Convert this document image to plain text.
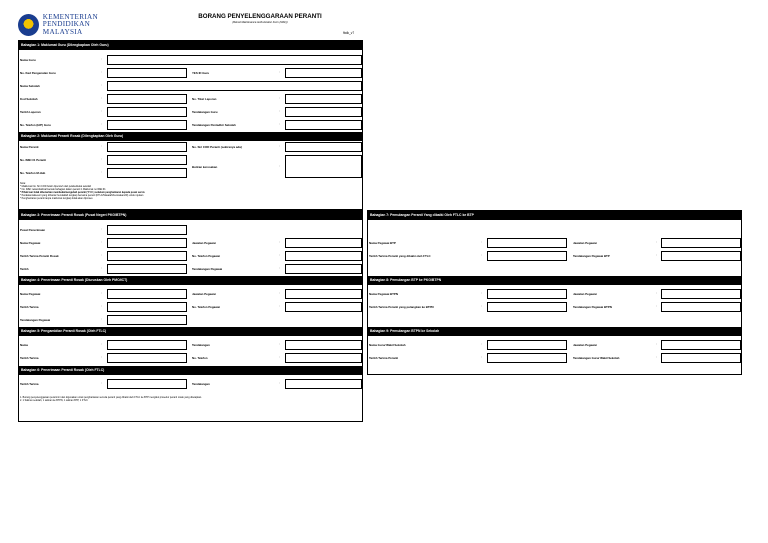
KEMENTERIAN
PENDIDIKAN
MALAYSIA
BORANG PENYELENGGARAAN PERANTI
(Rekod Maintenance Authorization Form (MAF))
fbdk_v7
Bahagian 1: Maklumat Guru (Dilengkapkan Oleh Guru)
Nama Guru	:
No. Kad Pengenalan Guru	:	YES ID Guru	:
Nama Sekolah	:
Kod Sekolah	:	No. Tiket Laporan	:
Tarikh Laporan	:	Tandatangan Guru	:
No. Telefon (H/P) Guru	:	Tandatangan Pentadbir Sekolah	:
Bahagian 2: Maklumat Peranti Rosak (Dilengkapkan Oleh Guru)
Nama Peranti	:	No. Siri COD Peranti (sekiranya ada)	:
No. IMEI #1 Peranti	:
Butiran kerosakan	:
No. Telefon M-Hub	:
Nota:
* Maklumat No. Siri COD boleh diperoleh dari pelabel/lekat sekolah
* No. IMEI: tekan/dail/cari/semak bahagian dalam peranti 1 Maklumat no IMEI #1
* Pihak luar tidak dibenarkan membuka/mengubah peranti (T.Y.C.) sebelum penghantaran kepada pusat servis
* Peralatan/aksesori yang dihantar hendaklah lengkap bersama peranti (FTLC/Masalah/Kerosakan/ID) untuk rujukan
* Penghantaran peranti tanpa maklumat lengkap tidak akan diproses
Bahagian 3: Penerimaan Peranti Rosak (Pusat Negeri PKG/BTPN)
Pusat Penerimaan	:
Nama Pegawai	:	Jawatan Pegawai	:
Tarikh Terima Peranti Rosak	:	No. Telefon Pegawai	:
Tarikh	:	Tandatangan Pegawai	:
Bahagian 4: Penerimaan Peranti Rosak (Diuruskan Oleh PMO/ICT)
Nama Pegawai	:	Jawatan Pegawai	:
Tarikh Terima	:	No. Telefon Pegawai	:
Tandatangan Pegawai	:
Bahagian 5: Pengambilan Peranti Rosak (Oleh FTLC)
Nama	:	Tandatangan	:
Tarikh Terima	:	No. Telefon	:
Bahagian 6: Penerimaan Peranti Rosak (Oleh FTLC)
Tarikh Terima	:	Tandatangan	:
1. Borang penyelenggaraan peranti ini dan digunakan untuk penghantaran semula peranti yang dibaiki oleh FTLC ke BTP mengikut prosedur peranti rosak yang ditetapkan.
2. 1 Salinan sekolah, 1 salinan ke BTPN, 1 salinan BTP, 1 FTLC
Bahagian 7: Pemulangan Peranti Yang dibaiki Oleh FTLC ke BTP
Nama Pegawai BTP	:	Jawatan Pegawai	:
Tarikh Terima Peranti yang dibaiki oleh FTLC	:	Tandatangan Pegawai BTP	:
Bahagian 8: Pemulangan BTP ke PKG/BTPN
Nama Pegawai BTPN	:	Jawatan Pegawai	:
Tarikh Terima Peranti yang pulangkan ke BTPN	:	Tandatangan Pegawai BTPN	:
Bahagian 9: Pemulangan BTPN ke Sekolah
Nama Guru/ Wakil Sekolah	:	Jawatan Pegawai	:
Tarikh Terima Peranti	:	Tandatangan Guru/ Wakil Sekolah	:
